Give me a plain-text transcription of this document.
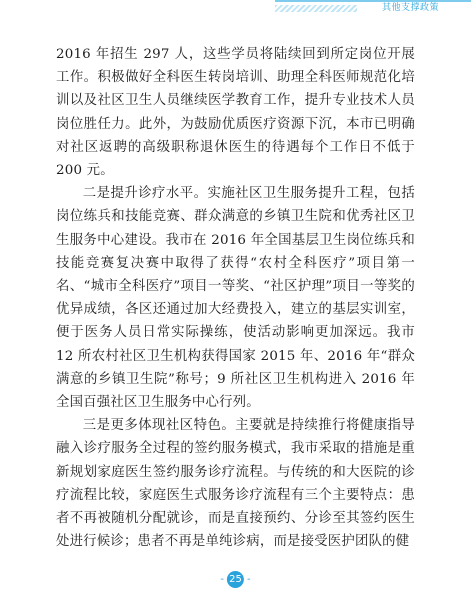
其他支撑政策

2016 年招生 297 人，这些学员将陆续回到所定岗位开展工作。积极做好全科医生转岗培训、助理全科医师规范化培训以及社区卫生人员继续医学教育工作，提升专业技术人员岗位胜任力。此外，为鼓励优质医疗资源下沉，本市已明确对社区返聘的高级职称退休医生的待遇每个工作日不低于 200 元。

二是提升诊疗水平。实施社区卫生服务提升工程，包括岗位练兵和技能竞赛、群众满意的乡镇卫生院和优秀社区卫生服务中心建设。我市在 2016 年全国基层卫生岗位练兵和技能竞赛复决赛中取得了获得“农村全科医疗”项目第一名、“城市全科医疗”项目一等奖、“社区护理”项目一等奖的优异成绩，各区还通过加大经费投入，建立的基层实训室，便于医务人员日常实际操练，使活动影响更加深远。我市 12 所农村社区卫生机构获得国家 2015 年、2016 年“群众满意的乡镇卫生院”称号；9 所社区卫生机构进入 2016 年全国百强社区卫生服务中心行列。

三是更多体现社区特色。主要就是持续推行将健康指导融入诊疗服务全过程的签约服务模式，我市采取的措施是重新规划家庭医生签约服务诊疗流程。与传统的和大医院的诊疗流程比较，家庭医生式服务诊疗流程有三个主要特点：患者不再被随机分配就诊，而是直接预约、分诊至其签约医生处进行候诊；患者不再是单纯诊病，而是接受医护团队的健

- 25 -
